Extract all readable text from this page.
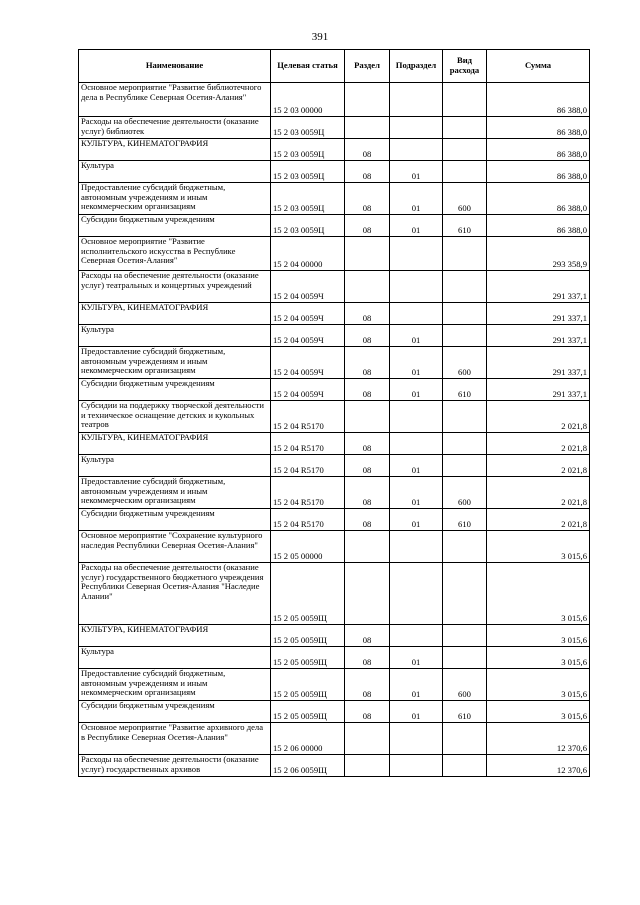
391
Наименование	Целевая статья	Раздел	Подраздел	Вид расхода	Сумма
Основное мероприятие "Развитие библиотечного дела в Республике Северная Осетия-Алания"	15 2 03 00000				86 388,0
Расходы на обеспечение деятельности (оказание услуг) библиотек	15 2 03 0059Ц				86 388,0
КУЛЬТУРА, КИНЕМАТОГРАФИЯ	15 2 03 0059Ц	08			86 388,0
Культура	15 2 03 0059Ц	08	01		86 388,0
Предоставление субсидий бюджетным, автономным учреждениям и иным некоммерческим организациям	15 2 03 0059Ц	08	01	600	86 388,0
Субсидии бюджетным учреждениям	15 2 03 0059Ц	08	01	610	86 388,0
Основное мероприятие "Развитие исполнительского искусства в Республике Северная Осетия-Алания"	15 2 04 00000				293 358,9
Расходы на обеспечение деятельности (оказание услуг) театральных и концертных учреждений	15 2 04 0059Ч				291 337,1
КУЛЬТУРА, КИНЕМАТОГРАФИЯ	15 2 04 0059Ч	08			291 337,1
Культура	15 2 04 0059Ч	08	01		291 337,1
Предоставление субсидий бюджетным, автономным учреждениям и иным некоммерческим организациям	15 2 04 0059Ч	08	01	600	291 337,1
Субсидии бюджетным учреждениям	15 2 04 0059Ч	08	01	610	291 337,1
Субсидии на поддержку творческой деятельности и техническое оснащение детских и кукольных театров	15 2 04 R5170				2 021,8
КУЛЬТУРА, КИНЕМАТОГРАФИЯ	15 2 04 R5170	08			2 021,8
Культура	15 2 04 R5170	08	01		2 021,8
Предоставление субсидий бюджетным, автономным учреждениям и иным некоммерческим организациям	15 2 04 R5170	08	01	600	2 021,8
Субсидии бюджетным учреждениям	15 2 04 R5170	08	01	610	2 021,8
Основное мероприятие "Сохранение культурного наследия Республики Северная Осетия-Алания"	15 2 05 00000				3 015,6
Расходы на обеспечение деятельности (оказание услуг) государственного бюджетного учреждения Республики Северная Осетия-Алания "Наследие Алании"	15 2 05 0059Щ				3 015,6
КУЛЬТУРА, КИНЕМАТОГРАФИЯ	15 2 05 0059Щ	08			3 015,6
Культура	15 2 05 0059Щ	08	01		3 015,6
Предоставление субсидий бюджетным, автономным учреждениям и иным некоммерческим организациям	15 2 05 0059Щ	08	01	600	3 015,6
Субсидии бюджетным учреждениям	15 2 05 0059Щ	08	01	610	3 015,6
Основное мероприятие "Развитие архивного дела в Республике Северная Осетия-Алания"	15 2 06 00000				12 370,6
Расходы на обеспечение деятельности (оказание услуг) государственных архивов	15 2 06 0059Щ				12 370,6
